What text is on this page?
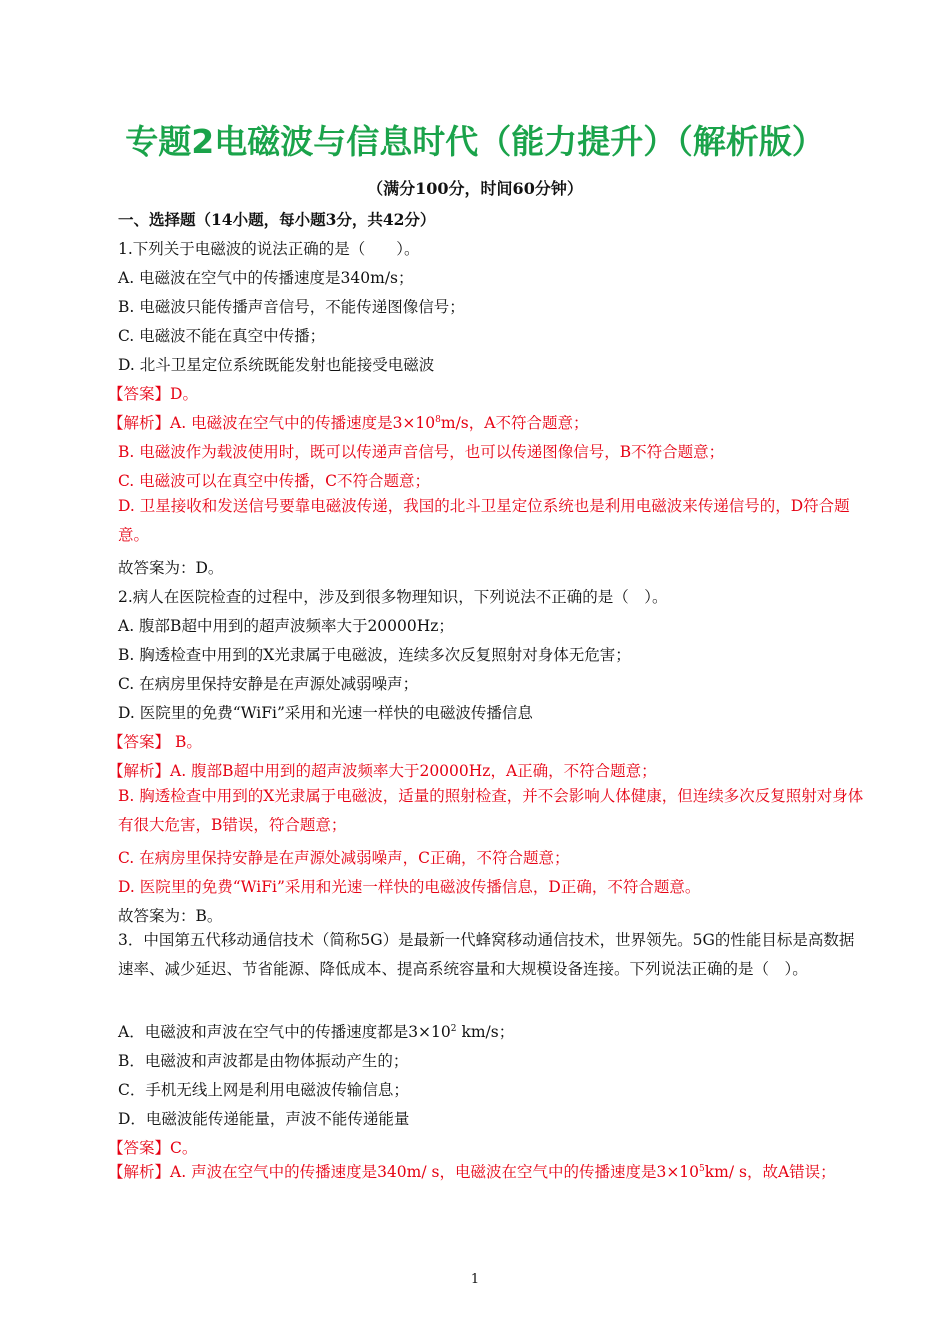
专题2电磁波与信息时代（能力提升）（解析版）
（满分100分，时间60分钟）
一、选择题（14小题，每小题3分，共42分）
1.下列关于电磁波的说法正确的是（　　）。
A. 电磁波在空气中的传播速度是340m/s；
B. 电磁波只能传播声音信号，不能传递图像信号；
C. 电磁波不能在真空中传播；
D. 北斗卫星定位系统既能发射也能接受电磁波
【答案】D。
【解析】A. 电磁波在空气中的传播速度是$3\times 10^8m/s$，A不符合题意；
B. 电磁波作为载波使用时，既可以传递声音信号，也可以传递图像信号，B不符合题意；
C. 电磁波可以在真空中传播，C不符合题意；
D. 卫星接收和发送信号要靠电磁波传递，我国的北斗卫星定位系统也是利用电磁波来传递信号的，D符合题意。
故答案为：D。
2.病人在医院检查的过程中，涉及到很多物理知识，下列说法不正确的是（　）。
A. 腹部B超中用到的超声波频率大于20000Hz；
B. 胸透检查中用到的X光隶属于电磁波，连续多次反复照射对身体无危害；
C. 在病房里保持安静是在声源处减弱噪声；
D. 医院里的免费“WiFi”采用和光速一样快的电磁波传播信息
【答案】 B。
【解析】A. 腹部B超中用到的超声波频率大于20000Hz，A正确，不符合题意；
B. 胸透检查中用到的X光隶属于电磁波，适量的照射检查，并不会影响人体健康，但连续多次反复照射对身体有很大危害，B错误，符合题意；
C. 在病房里保持安静是在声源处减弱噪声，C正确，不符合题意；
D. 医院里的免费“WiFi”采用和光速一样快的电磁波传播信息，D正确，不符合题意。
故答案为：B。
3．中国第五代移动通信技术（简称5G）是最新一代蜂窝移动通信技术，世界领先。5G的性能目标是高数据速率、减少延迟、节省能源、降低成本、提高系统容量和大规模设备连接。下列说法正确的是（　）。
A．电磁波和声波在空气中的传播速度都是$3\times 10^2$ km/s；
B．电磁波和声波都是由物体振动产生的；
C．手机无线上网是利用电磁波传输信息；
D．电磁波能传递能量，声波不能传递能量
【答案】C。
【解析】A. 声波在空气中的传播速度是340m/ s，电磁波在空气中的传播速度是$3\times 10^5km/$ s，故A错误；
1
